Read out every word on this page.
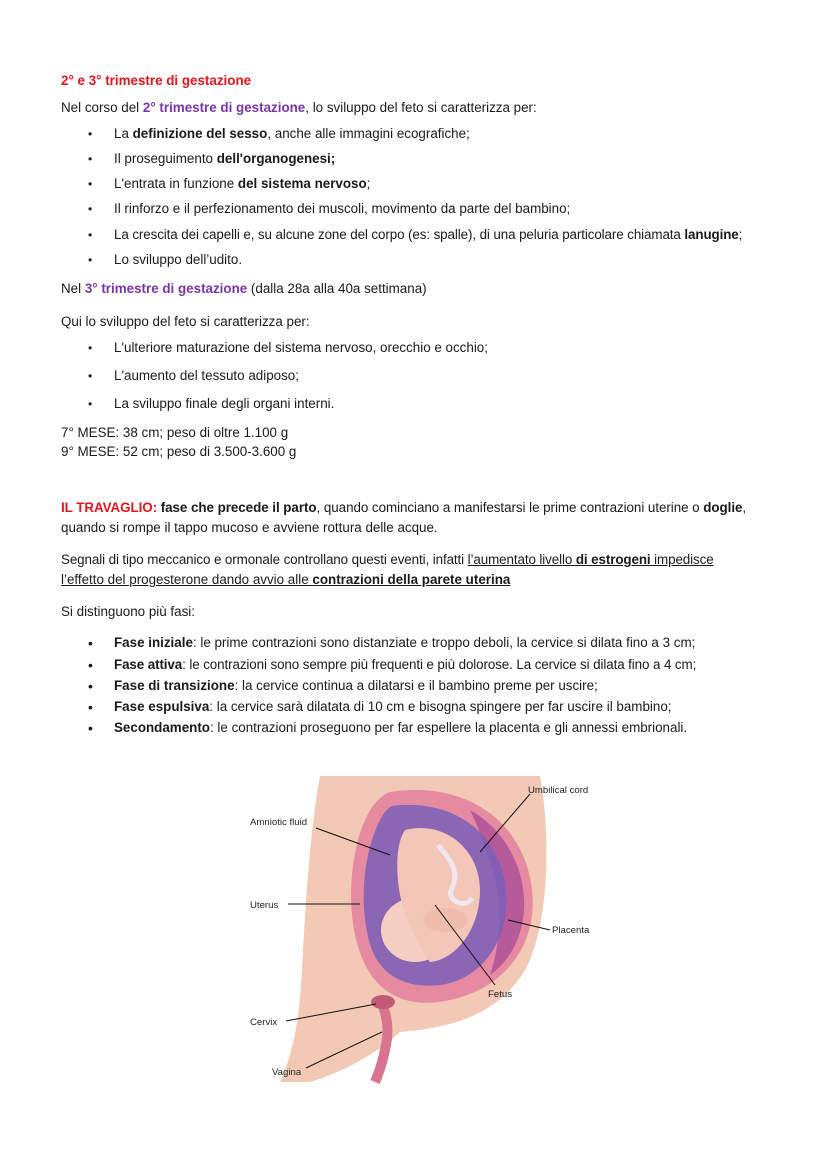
2° e 3° trimestre di gestazione
Nel corso del 2° trimestre di gestazione, lo sviluppo del feto si caratterizza per:
• La definizione del sesso, anche alle immagini ecografiche;
• Il proseguimento dell'organogenesi;
• L'entrata in funzione del sistema nervoso;
• Il rinforzo e il perfezionamento dei muscoli, movimento da parte del bambino;
• La crescita dei capelli e, su alcune zone del corpo (es: spalle), di una peluria particolare chiamata lanugine;
• Lo sviluppo dell’udito.
Nel 3° trimestre di gestazione (dalla 28a alla 40a settimana)
Qui lo sviluppo del feto si caratterizza per:
• L'ulteriore maturazione del sistema nervoso, orecchio e occhio;
• L'aumento del tessuto adiposo;
• La sviluppo finale degli organi interni.
7° MESE: 38 cm; peso di oltre 1.100 g
9° MESE: 52 cm; peso di 3.500-3.600 g
IL TRAVAGLIO: fase che precede il parto, quando cominciano a manifestarsi le prime contrazioni uterine o doglie,
quando si rompe il tappo mucoso e avviene rottura delle acque.
Segnali di tipo meccanico e ormonale controllano questi eventi, infatti l’aumentato livello di estrogeni impedisce
l’effetto del progesterone dando avvio alle contrazioni della parete uterina
Si distinguono più fasi:
• Fase iniziale: le prime contrazioni sono distanziate e troppo deboli, la cervice si dilata fino a 3 cm;
• Fase attiva: le contrazioni sono sempre più frequenti e più dolorose. La cervice si dilata fino a 4 cm;
• Fase di transizione: la cervice continua a dilatarsi e il bambino preme per uscire;
• Fase espulsiva: la cervice sarà dilatata di 10 cm e bisogna spingere per far uscire il bambino;
• Secondamento: le contrazioni proseguono per far espellere la placenta e gli annessi embrionali.
Umbilical cord
Amniotic fluid
Uterus
Placenta
Fetus
Cervix
Vagina
